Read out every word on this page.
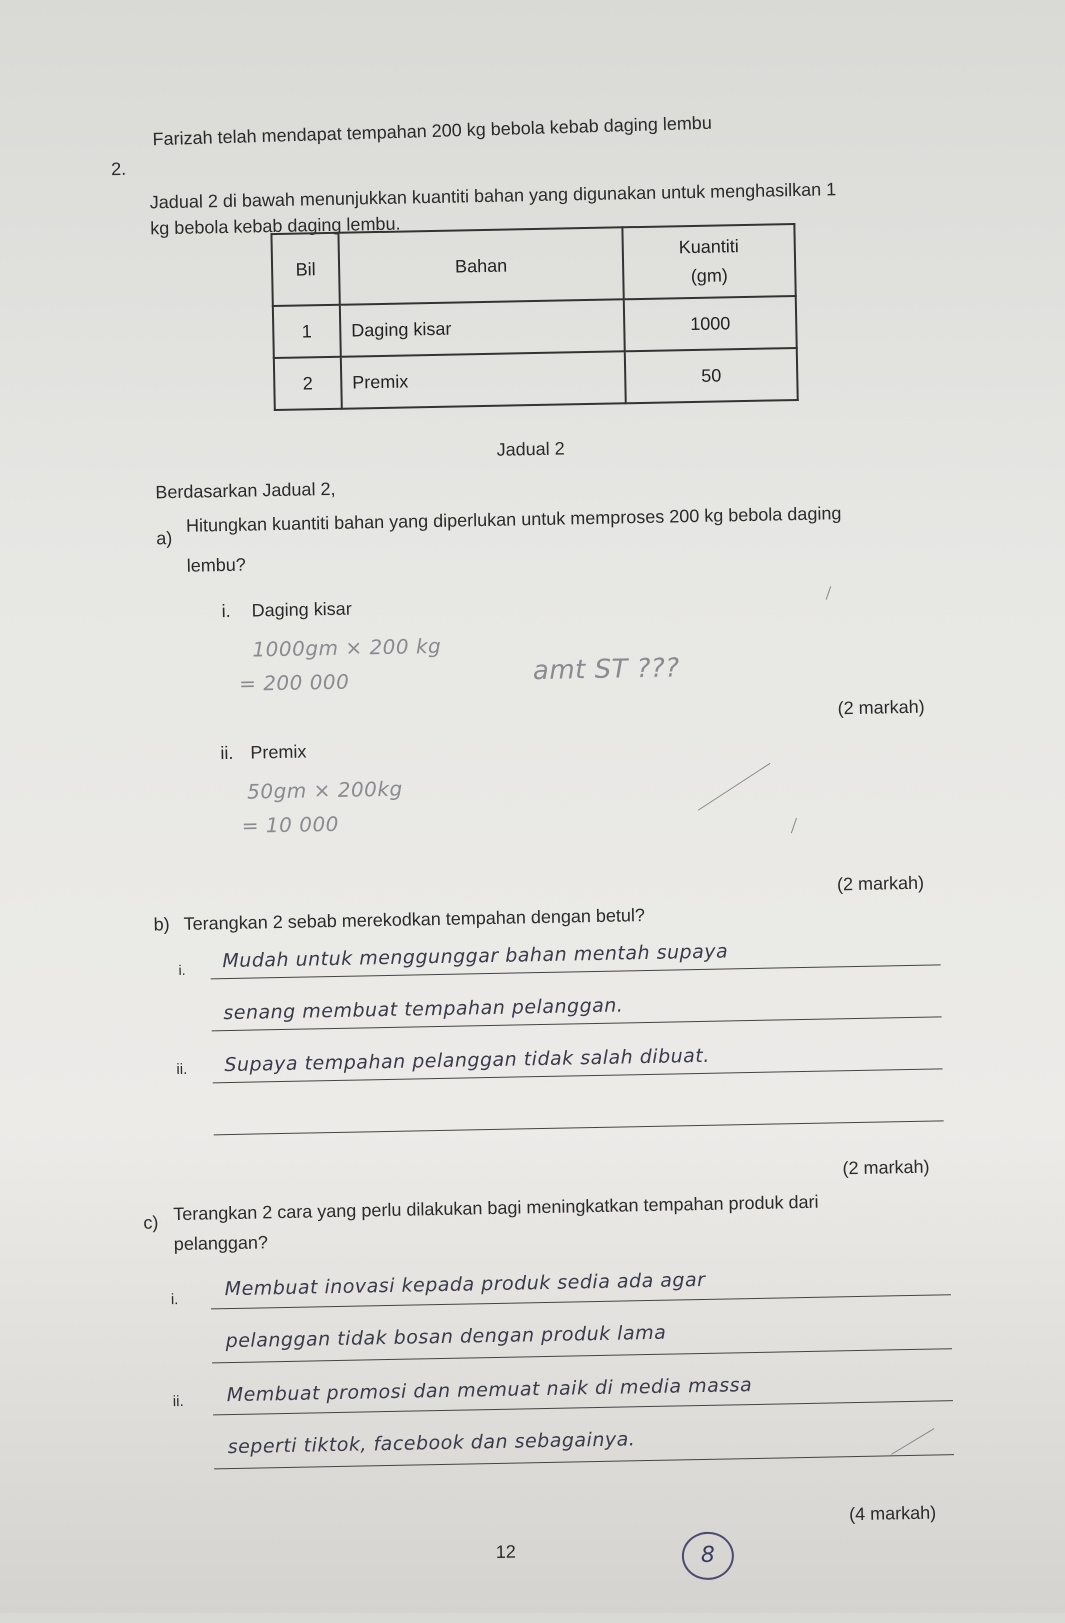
2.
Farizah telah mendapat tempahan 200 kg bebola kebab daging lembu
Jadual 2 di bawah menunjukkan kuantiti bahan yang digunakan untuk menghasilkan 1
kg bebola kebab daging lembu.
Bil	Bahan	Kuantiti
(gm)

1	Daging kisar	1000
2	Premix	50
Jadual 2
Berdasarkan Jadual 2,
a)
Hitungkan kuantiti bahan yang diperlukan untuk memproses 200 kg bebola daging
lembu?
i. Daging kisar
1000gm × 200 kg
= 200 000	amt ST ???
(2 markah)
ii. Premix
50gm × 200kg
= 10 000
(2 markah)
b) Terangkan 2 sebab merekodkan tempahan dengan betul?
i. Mudah untuk menggunggar bahan mentah supaya
senang membuat tempahan pelanggan.
ii. Supaya tempahan pelanggan tidak salah dibuat.
(2 markah)
c) Terangkan 2 cara yang perlu dilakukan bagi meningkatkan tempahan produk dari
pelanggan?
i. Membuat inovasi kepada produk sedia ada agar
pelanggan tidak bosan dengan produk lama
ii. Membuat promosi dan memuat naik di media massa
seperti tiktok, facebook dan sebagainya.
(4 markah)
12	8
